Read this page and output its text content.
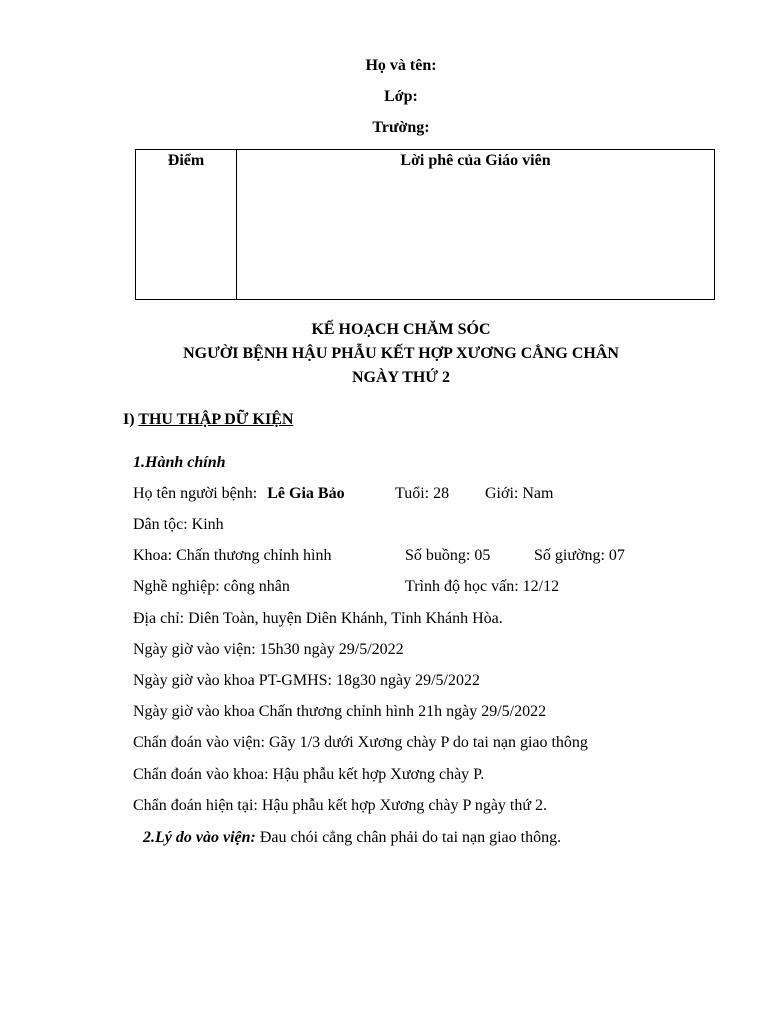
Họ và tên:
Lớp:
Trường:
Điểm	Lời phê của Giáo viên
KẾ HOẠCH CHĂM SÓC
NGƯỜI BỆNH HẬU PHẪU KẾT HỢP XƯƠNG CẲNG CHÂN
NGÀY THỨ 2
I) THU THẬP DỮ KIỆN
1.Hành chính
Họ tên người bệnh: Lê Gia Bảo	Tuổi: 28 Giới: Nam
Dân tộc: Kinh
Khoa: Chấn thương chỉnh hình	Số buồng: 05	Số giường: 07
Nghề nghiệp: công nhân	Trình độ học vấn: 12/12
Địa chỉ: Diên Toàn, huyện Diên Khánh, Tỉnh Khánh Hòa.
Ngày giờ vào viện: 15h30 ngày 29/5/2022
Ngày giờ vào khoa PT-GMHS: 18g30 ngày 29/5/2022
Ngày giờ vào khoa Chấn thương chỉnh hình 21h ngày 29/5/2022
Chẩn đoán vào viện: Gãy 1/3 dưới Xương chày P do tai nạn giao thông
Chẩn đoán vào khoa: Hậu phẫu kết hợp Xương chày P.
Chẩn đoán hiện tại: Hậu phẫu kết hợp Xương chày P ngày thứ 2.
2.Lý do vào viện: Đau chói cẳng chân phải do tai nạn giao thông.
